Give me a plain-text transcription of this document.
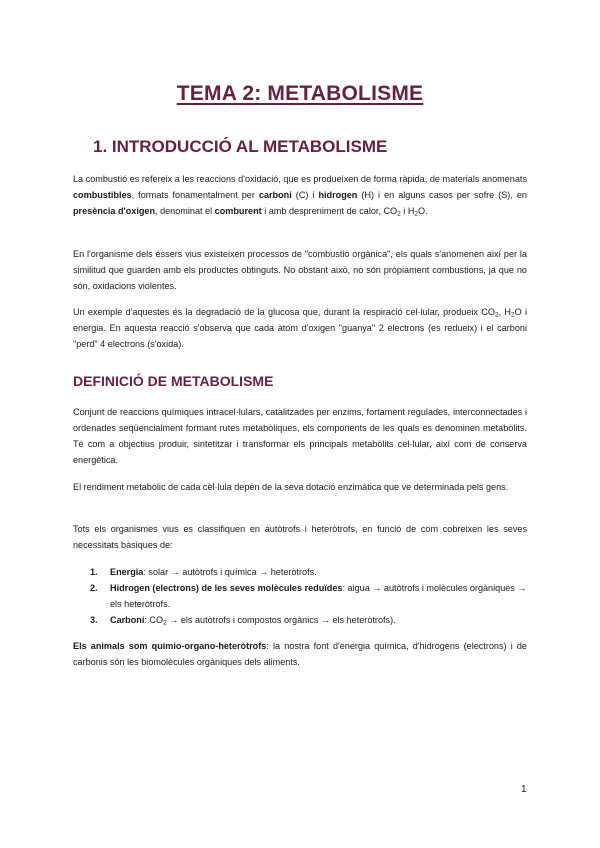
TEMA 2: METABOLISME
1. INTRODUCCIÓ AL METABOLISME

La combustió es refereix a les reaccions d'oxidació, que es produeixen de forma ràpida, de materials anomenats combustibles, formats fonamentalment per carboni (C) i hidrogen (H) i en alguns casos per sofre (S), en presència d'oxigen, denominat el comburent i amb despreniment de calor, $CO_2$ i $H_2O$.

En l'organisme dels éssers vius existeixen processos de "combustió orgànica", els quals s'anomenen així per la similitud que guarden amb els productes obtinguts. No obstant això, no són pròpiament combustions, ja que no són, oxidacions violentes.

Un exemple d'aquestes és la degradació de la glucosa que, durant la respiració cel·lular, produeix $CO_2$, $H_2O$ i energia. En aquesta reacció s'observa que cada àtom d'oxigen "guanya" 2 electrons (es redueix) i el carboni "perd" 4 electrons (s'oxida).

DEFINICIÓ DE METABOLISME

Conjunt de reaccions químiques intracel·lulars, catalitzades per enzims, fortament regulades, interconnectades i ordenades seqüencialment formant rutes metabòliques, els components de les quals es denominen metabòlits. Té com a objectius produir, sintetitzar i transformar els principals metabòlits cel·lular, així com de conserva energètica.

El rendiment metabòlic de cada cèl·lula depèn de la seva dotació enzimàtica que ve determinada pels gens.

Tots els organismes vius es classifiquen en autòtrofs i heteròtrofs, en funció de com cobreixen les seves necessitats bàsiques de:

1. Energia: solar → autòtrofs i química → heteròtrofs.
2. Hidrogen (electrons) de les seves molècules reduïdes: aigua → autòtrofs i molècules orgàniques → els heteròtrofs.
3. Carboni: $CO_2$ → els autòtrofs i compostos orgànics → els heteròtrofs).

Els animals som quimio-organo-heteròtrofs: la nostra font d'energia química, d'hidrogens (electrons) i de carbonis són les biomolècules orgàniques dels aliments.

1
